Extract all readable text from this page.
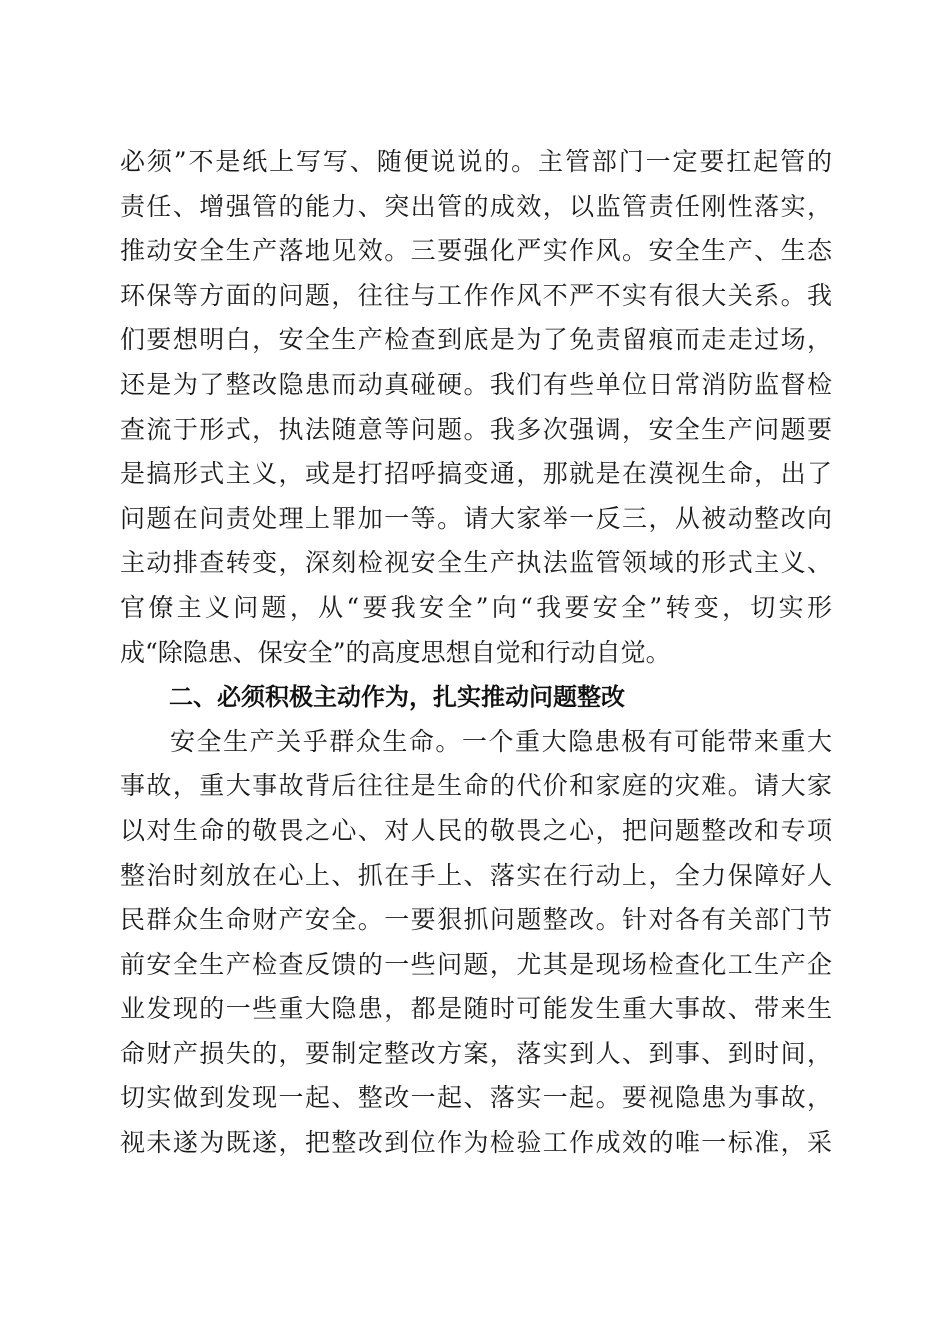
必须”不是纸上写写、随便说说的。主管部门一定要扛起管的
责任、增强管的能力、突出管的成效，以监管责任刚性落实，
推动安全生产落地见效。三要强化严实作风。安全生产、生态
环保等方面的问题，往往与工作作风不严不实有很大关系。我
们要想明白，安全生产检查到底是为了免责留痕而走走过场，
还是为了整改隐患而动真碰硬。我们有些单位日常消防监督检
查流于形式，执法随意等问题。我多次强调，安全生产问题要
是搞形式主义，或是打招呼搞变通，那就是在漠视生命，出了
问题在问责处理上罪加一等。请大家举一反三，从被动整改向
主动排查转变，深刻检视安全生产执法监管领域的形式主义、
官僚主义问题，从“要我安全”向“我要安全”转变，切实形
成“除隐患、保安全”的高度思想自觉和行动自觉。
二、必须积极主动作为，扎实推动问题整改
安全生产关乎群众生命。一个重大隐患极有可能带来重大
事故，重大事故背后往往是生命的代价和家庭的灾难。请大家
以对生命的敬畏之心、对人民的敬畏之心，把问题整改和专项
整治时刻放在心上、抓在手上、落实在行动上，全力保障好人
民群众生命财产安全。一要狠抓问题整改。针对各有关部门节
前安全生产检查反馈的一些问题，尤其是现场检查化工生产企
业发现的一些重大隐患，都是随时可能发生重大事故、带来生
命财产损失的，要制定整改方案，落实到人、到事、到时间，
切实做到发现一起、整改一起、落实一起。要视隐患为事故，
视未遂为既遂，把整改到位作为检验工作成效的唯一标准，采
